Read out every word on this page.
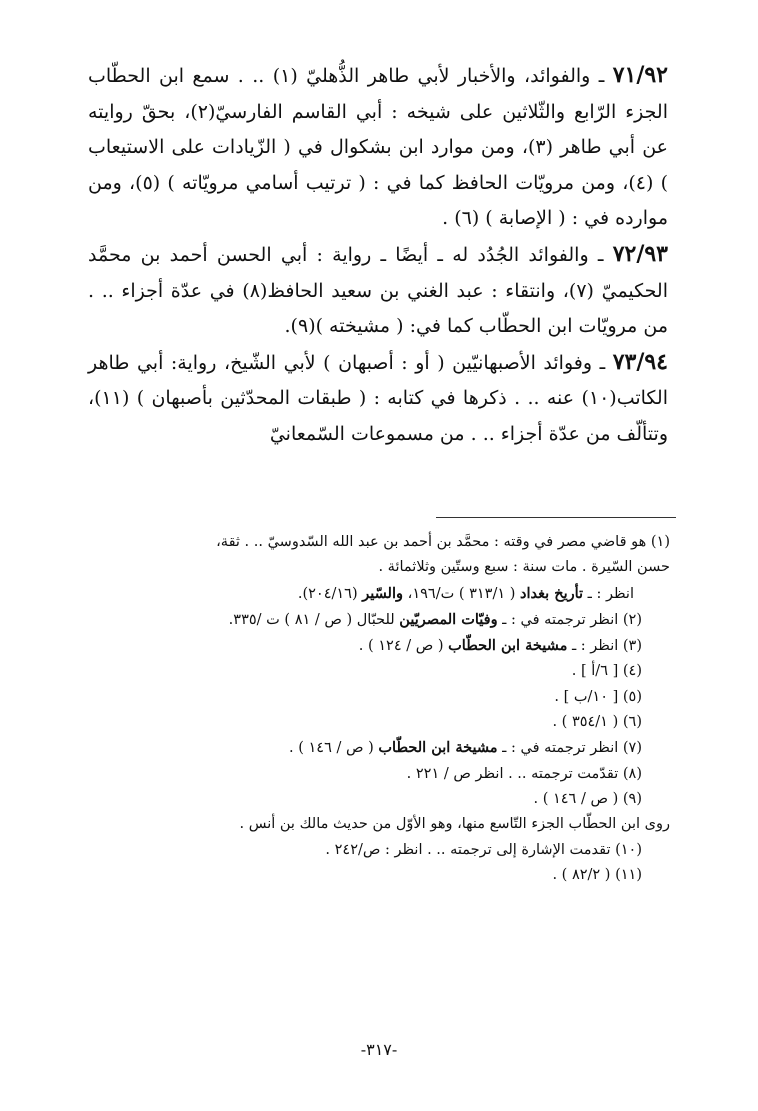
٧١/٩٢ ـ والفوائد، والأخبار لأبي طاهر الذُّهليّ (١) .. . سمع ابن الحطّاب الجزء الرّابع والثّلاثين على شيخه : أبي القاسم الفارسيّ(٢)، بحقّ روايته عن أبي طاهر (٣)، ومن موارد ابن بشكوال في ( الزّيادات على الاستيعاب ) (٤)، ومن مرويّات الحافظ كما في : ( ترتيب أسامي مرويّاته ) (٥)، ومن موارده في : ( الإصابة ) (٦) .

٧٢/٩٣ ـ والفوائد الجُدُد له ـ أيضًا ـ رواية : أبي الحسن أحمد بن محمَّد الحكيميّ (٧)، وانتقاء : عبد الغني بن سعيد الحافظ(٨) في عدّة أجزاء .. . من مرويّات ابن الحطّاب كما في: ( مشيخته )(٩).

٧٣/٩٤ ـ وفوائد الأصبهانيّين ( أو : أصبهان ) لأبي الشّيخ، رواية: أبي طاهر الكاتب(١٠) عنه .. . ذكرها في كتابه : ( طبقات المحدّثين بأصبهان ) (١١)، وتتألّف من عدّة أجزاء .. . من مسموعات السّمعانيّ

(١) هو قاضي مصر في وقته : محمَّد بن أحمد بن عبد الله السّدوسيّ .. . ثقة،
حسن السّيرة . مات سنة : سبع وستّين وثلاثمائة .
انظر : ـ تأريخ بغداد ( ٣١٣/١ ) ت/١٩٦، والسّير (٢٠٤/١٦).
(٢) انظر ترجمته في : ـ وفيّات المصريّين للحبّال ( ص / ٨١ ) ت /٣٣٥.
(٣) انظر : ـ مشيخة ابن الحطّاب ( ص / ١٢٤ ) .
(٤) [ ٦/أ ] .
(٥) [ ١٠/ب ] .
(٦) ( ٣٥٤/١ ) .
(٧) انظر ترجمته في : ـ مشيخة ابن الحطّاب ( ص / ١٤٦ ) .
(٨) تقدّمت ترجمته .. . انظر ص / ٢٢١ .
(٩) ( ص / ١٤٦ ) .
روى ابن الحطّاب الجزء التّاسع منها، وهو الأوّل من حديث مالك بن أنس .
(١٠) تقدمت الإشارة إلى ترجمته .. . انظر : ص/٢٤٢ .
(١١) ( ٨٢/٢ ) .
-٣١٧-
